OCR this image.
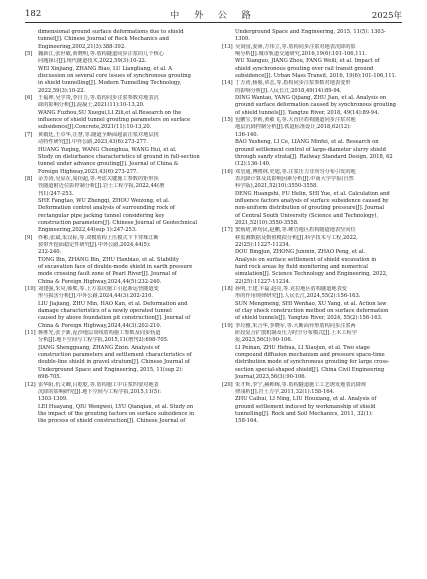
182	中 外 公 路	2025年
dimensional ground surface deformations due to shield
tunnel[J]. Chinese Journal of Rock Mechanics and
Engineering,2002,21(3):388-392.
[5] 魏新江,张世敏,黄晓明,等.盾构隧道同步注浆的几个核心
问题探讨[J].现代隧道技术,2022,59(3):10-22.
WEI Xinjiang, ZHANG Biao, LU Liangliang, et al. A
discussion on several core issues of synchronous grouting
in shield tunnelling[J]. Modern Tunnelling Technology,
2022,59(3):10-22.
[6] 王福坤,吴学贵,李自力,等.盾构同步注浆参数对地表沉
降的影响分析[J].混凝土,2021(11):10-13,20.
WANG Fuzhou,SU Xuegui,LI Zili,et al.Research on the
influence of shield tunnel grouting parameters on surface
subsidence[J].Concrete,2021(11):10-13,20.
[7] 黄毅廷,王卓华,汪慧,等.隧道全断面超前注浆对地层扰
动特性研究[J].中外公路,2023,43(6):273-277.
HUANG Yuqing, WANG Chonghua, WANG Hui, et al.
Study on disturbance characteristics of ground in full-section
tunnel under advance grouting[J]. Journal of China &
Foreign Highway,2023,43(6):273-277.
[8] 余芳涛,吴显在,周拐超,等.考虑关键施工参数的矩形顶
管隧道附近位影控制分析[J].岩土工程学报,2022,44(增
刊1):247-253.
SHE Fangtao, WU Zhengqi, ZHOU Weizong, et al.
Deformation control analysis of surrounding rock of
rectangular pipe jacking tunnel considering key
construction parameters[J]. Chinese Journal of Geotechnical
Engineering,2022,44(sup 1):247-253.
[9] 佟彬,张斌,朱汉标,等.双模盾构上压模式下下穿珠江断
裂带开挖面稳定性研究[J].中外公路,2024,44(5):
232-240.
TONG Bin, ZHANG Bin, ZHU Hanbiao, et al. Stability
of excavation face of double-mode shield in earth pressure
mode crossing fault zone of Pearl River[J]. Journal of
China & Foreign Highway,2024,44(5):232-240.
[10] 刘建强,朱昊,韩熊,等.上方基坑施工引起新运营隧道变
形与损害分析[J].中外公路,2024,44(3):202-210.
LIU Jiajiang, ZHU Min, HAO Kan, et al. Deformation and
damage characteristics of a newly operated tunnel
caused by above foundation pit construction[J]. Journal of
China & Foreign Highway,2024,44(3):202-210.
[11] 蒋胜光,张子新,泥沙地层双线盾构施工参数及同步轨道
分析[J].地下空间与工程学报,2015,11(增刊2):698-705.
JIANG Shengguang, ZHANG Zixin. Analysis of
construction parameters and settlement characteristics of
double-line shield in gravel stratum[J]. Chinese Journal of
Underground Space and Engineering, 2015, 11(sup 2):
698-705.
[12] 雷华阳,仇文卿,吕乾乾,等.盾构施工中注浆四要对地表
沉降的影响研究[J].地下空间与工程学报,2015,11(5):
1303-1309.
LEI Huayang, QIU Wengwei, LYU Qianqian, et al. Study on
the impact of the grouting factors on surface subsidence in
the process of shield construction[J]. Chinese Journal of
Underground Space and Engineering, 2015, 11(5): 1303-
1309.
[13] 吴贤园,姜洲,方伟立,等.盾构同步注浆对地表沉降的影
响分析[J].城市轨道交通研究,2016,19(6):101-106,111.
WU Xianguo, JIANG Zhou, FANG Weili, et al. Impact of
shield synchronous grouting over rail transit ground
subsidence[J]. Urban Mass Transit, 2016, 19(6):101-106,111.
[14] 丁万涛,杨俊,章志,等.盾构同步注浆参数对地表变形
的影响分析[J].人民长江,2018,49(14):89-94.
DING Wantao, YANG Qijiang, ZHU Jian, et al. Analysis on
ground surface deformation caused by synchronous grouting
of shield tunnels[J]. Yangtze River, 2018, 49(14):89-94.
[15] 包鹏宝,李莉,黄敏飞,等.大直径盾构隧道同步注浆对地
地层沉降控制分析[J].铁道标准设计,2018,62(12):
136-140.
BAO Yusheng, LI Ce, LIANG Minfei, et al. Research on
ground settlement control of large-diameter slurry shield
through sandy strata[J]. Railway Standard Design, 2018, 62
(12):136-140.
[16] 邓皇通,傅鸥林,史旭,等.注浆压力非均匀分布引发的地
表沉降计算及其影响因素分析[J].中南大学学报(自然
科学版),2021,52(10):3550-3558.
DENG Huangshi, FU Helin, SHI Yue, et al. Calculation and
influence factors analysis of surface subsidence caused by
non-uniform distribution of grouting pressure[J]. Journal
of Central South University (Science and Technology),
2021,52(10):3550-3558.
[17] 窦炳珺,钟均民,赵鹏,等.硬岩地区盾构隧道地表竖向位
移监测数据及数值模拟分析[J].科学技术与工程,2022,
22(25):11227-11234.
DOU Bingjun, ZHONG Junmin, ZHAO Peng, et al.
Analysis on surface settlement of shield excavation in
hard rock areas by field monitoring and numerical
simulation[J]. Science Technology and Engineering, 2022,
22(25):11227-11234.
[18] 孙明,王建,丰磊,赵亮,等.克拉地区盾构隧道地表变
形的作用规律研究[J].人民长江,2024,55(2):156-163.
SUN Mengmeng, SHI Wenhao, XU Yang, et al. Action law
of clay shock construction method on surface deformation
of shield tunnels[J]. Yangtze River, 2024, 55(2):156-163.
[19] 李垃雅,朱合华,李晓军,等.大断面异形盾构同步注浆两
阶段复合扩散机制及压力时空分布模式[J].土木工程学
报,2023,56(3):90-106.
LI Peinan, ZHU Hehua, LI Xiaojun, et al. Two stage
compound diffusion mechanism and pressure space-time
distribution mode of synchronous grouting for large cross-
section special-shaped shield[J]. China Civil Engineering
Journal,2023,56(3):90-106.
[20] 朱才辉,李宁,赫帅梅,等.盾构隧道施工工艺诱发地表沉降规
律浅析[J].岩土力学,2011,32(1):158-164.
ZHU Caihui, LI Ning, LIU Houxiang, et al. Analysis of
ground settlement induced by workmanship of shield
tunnelling[J]. Rock and Soil Mechanics, 2011, 32(1):
158-164.
